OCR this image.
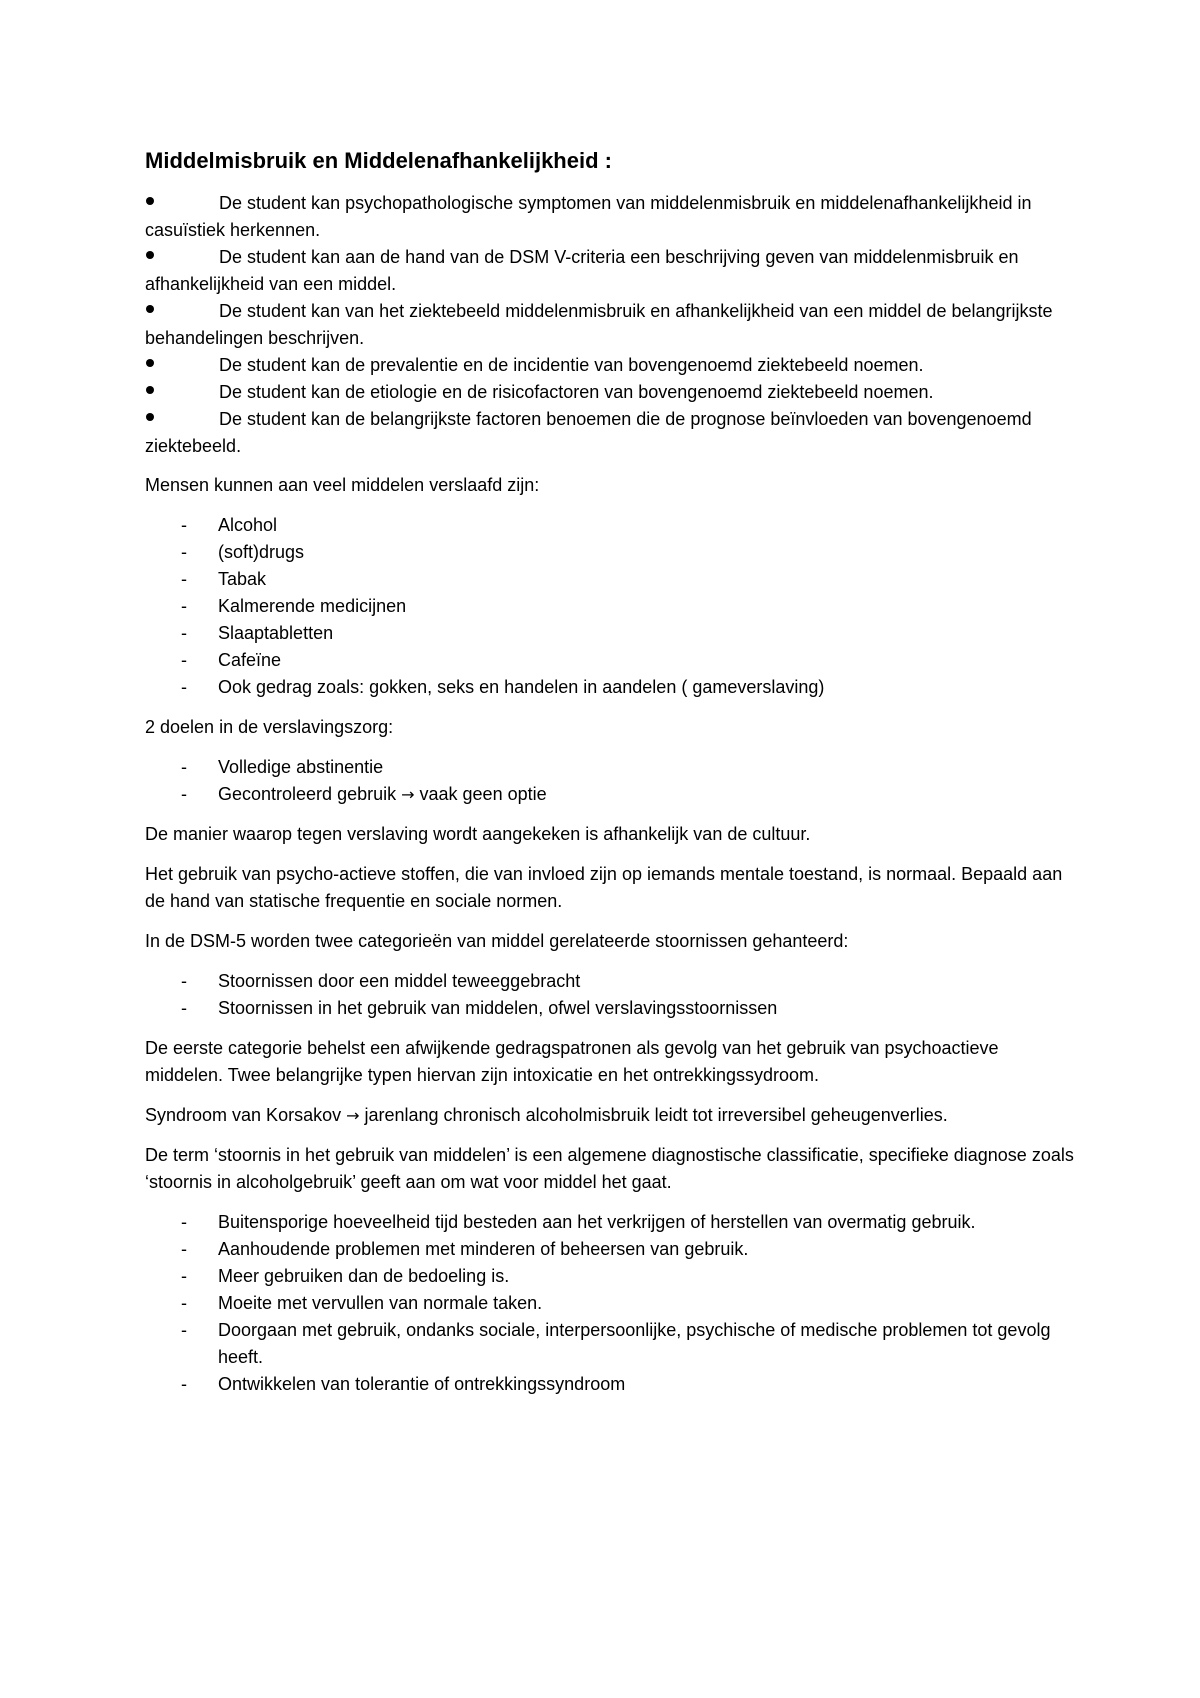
Middelmisbruik en Middelenafhankelijkheid :
De student kan psychopathologische symptomen van middelenmisbruik en middelenafhankelijkheid in casuïstiek herkennen.
De student kan aan de hand van de DSM V-criteria een beschrijving geven van middelenmisbruik en afhankelijkheid van een middel.
De student kan van het ziektebeeld middelenmisbruik en afhankelijkheid van een middel de belangrijkste behandelingen beschrijven.
De student kan de prevalentie en de incidentie van bovengenoemd ziektebeeld noemen.
De student kan de etiologie en de risicofactoren van bovengenoemd ziektebeeld noemen.
De student kan de belangrijkste factoren benoemen die de prognose beïnvloeden van bovengenoemd ziektebeeld.

Mensen kunnen aan veel middelen verslaafd zijn:

- Alcohol
- (soft)drugs
- Tabak
- Kalmerende medicijnen
- Slaaptabletten
- Cafeïne
- Ook gedrag zoals: gokken, seks en handelen in aandelen ( gameverslaving)

2 doelen in de verslavingszorg:

- Volledige abstinentie
- Gecontroleerd gebruik → vaak geen optie

De manier waarop tegen verslaving wordt aangekeken is afhankelijk van de cultuur.

Het gebruik van psycho-actieve stoffen, die van invloed zijn op iemands mentale toestand, is normaal. Bepaald aan de hand van statische frequentie en sociale normen.

In de DSM-5 worden twee categorieën van middel gerelateerde stoornissen gehanteerd:

- Stoornissen door een middel teweeggebracht
- Stoornissen in het gebruik van middelen, ofwel verslavingsstoornissen

De eerste categorie behelst een afwijkende gedragspatronen als gevolg van het gebruik van psychoactieve middelen. Twee belangrijke typen hiervan zijn intoxicatie en het ontrekkingssydroom.

Syndroom van Korsakov → jarenlang chronisch alcoholmisbruik leidt tot irreversibel geheugenverlies.

De term ‘stoornis in het gebruik van middelen’ is een algemene diagnostische classificatie, specifieke diagnose zoals ‘stoornis in alcoholgebruik’ geeft aan om wat voor middel het gaat.

- Buitensporige hoeveelheid tijd besteden aan het verkrijgen of herstellen van overmatig gebruik.
- Aanhoudende problemen met minderen of beheersen van gebruik.
- Meer gebruiken dan de bedoeling is.
- Moeite met vervullen van normale taken.
- Doorgaan met gebruik, ondanks sociale, interpersoonlijke, psychische of medische problemen tot gevolg heeft.
- Ontwikkelen van tolerantie of ontrekkingssyndroom
